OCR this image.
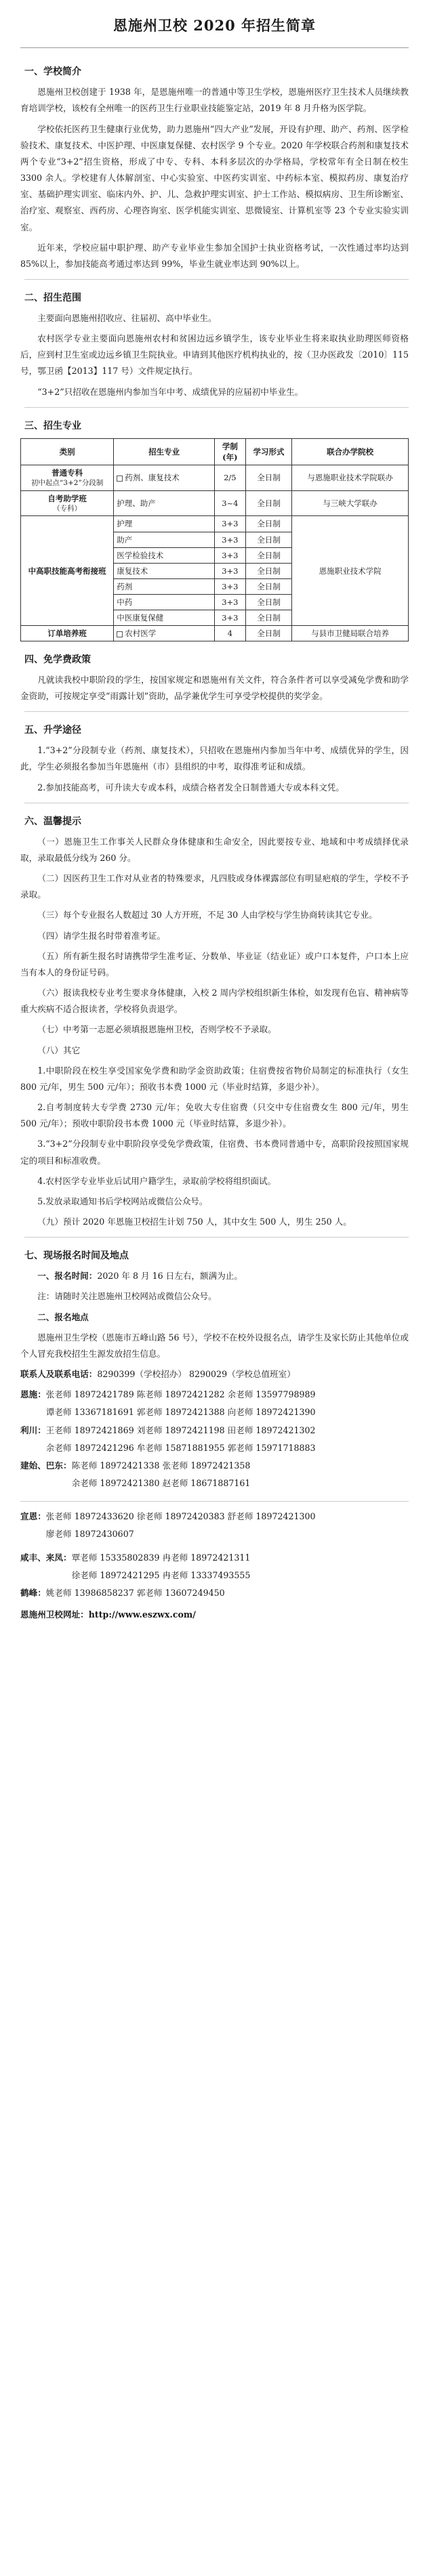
恩施州卫校 2020 年招生简章
一、学校简介

恩施州卫校创建于 1938 年，是恩施州唯一的普通中等卫生学校，恩施州医疗卫生技术人员继续教育培训学校，该校有全州唯一的医药卫生行业职业技能鉴定站，2019 年 8 月升格为医学院。

学校依托医药卫生健康行业优势，助力恩施州“四大产业”发展，开设有护理、助产、药剂、医学检验技术、康复技术、中医护理、中医康复保健、农村医学 9 个专业。2020 年学校联合药剂和康复技术两个专业“3+2”招生资格，形成了中专、专科、本科多层次的办学格局，学校常年有全日制在校生 3300 余人。学校建有人体解剖室、中心实验室、中医药实训室、中药标本室、模拟药房、康复治疗室、基础护理实训室、临床内外、护、儿、急救护理实训室、护士工作站、模拟病房、卫生所诊断室、治疗室、观察室、西药房、心理咨询室、医学机能实训室、思微镜室、计算机室等 23 个专业实验实训室。

近年来，学校应届中职护理、助产专业毕业生参加全国护士执业资格考试，一次性通过率均达到 85%以上，参加技能高考通过率达到 99%，毕业生就业率达到 90%以上。

二、招生范围

主要面向恩施州招收应、往届初、高中毕业生。

农村医学专业主要面向恩施州农村和贫困边远乡镇学生，该专业毕业生将来取执业助理医师资格后，应到村卫生室或边远乡镇卫生院执业。申请到其他医疗机构执业的，按（卫办医政发〔2010〕115 号，鄂卫函【2013】117 号）文件规定执行。

“3+2”只招收在恩施州内参加当年中考、成绩优异的应届初中毕业生。

三、招生专业
类别	招生专业	学制(年)	学习形式	联合办学院校

普通专科
初中起点“3+2”分段制	药剂、康复技术	2/5	全日制	与恩施职业技术学院联办

自考助学班
（专科）	护理、助产	3~4	全日制	与三峡大学联办
中高职技能高考衔接班	护理	3+3	全日制	恩施职业技术学院
	助产	3+3	全日制	
	医学检验技术	3+3	全日制	
	康复技术	3+3	全日制	
	药剂	3+3	全日制	
	中药	3+3	全日制	
	中医康复保健	3+3	全日制	
订单培养班	农村医学	4	全日制	与县市卫健局联合培养
四、免学费政策

凡就读我校中职阶段的学生，按国家规定和恩施州有关文件，符合条件者可以享受减免学费和助学金资助，可按规定享受“雨露计划”资助，品学兼优学生可享受学校提供的奖学金。

五、升学途径

1.“3+2”分段制专业（药剂、康复技术），只招收在恩施州内参加当年中考、成绩优异的学生，因此，学生必须报名参加当年恩施州（市）县组织的中考，取得准考证和成绩。

2.参加技能高考，可升读大专或本科，成绩合格者发全日制普通大专或本科文凭。

六、温馨提示

（一）恩施卫生工作事关人民群众身体健康和生命安全，因此要按专业、地域和中考成绩择优录取，录取最低分线为 260 分。

（二）因医药卫生工作对从业者的特殊要求，凡四肢或身体裸露部位有明显疤痕的学生，学校不予录取。

（三）每个专业报名人数超过 30 人方开班，不足 30 人由学校与学生协商转读其它专业。

（四）请学生报名时带着准考证。

（五）所有新生报名时请携带学生准考证、分数单、毕业证（结业证）或户口本复件，户口本上应当有本人的身份证号码。

（六）报读我校专业考生要求身体健康，入校 2 周内学校组织新生体检，如发现有色盲、精神病等重大疾病不适合报读者，学校将负责退学。

（七）中考第一志愿必须填报恩施州卫校，否则学校不予录取。

（八）其它

1.中职阶段在校生享受国家免学费和助学金资助政策；住宿费按省物价局制定的标准执行（女生 800 元/年，男生 500 元/年）；预收书本费 1000 元（毕业时结算，多退少补）。

2.自考制度转大专学费 2730 元/年；免收大专住宿费（只交中专住宿费女生 800 元/年，男生 500 元/年）；预收中职阶段书本费 1000 元（毕业时结算，多退少补）。

3.“3+2”分段制专业中职阶段享受免学费政策，住宿费、书本费同普通中专，高职阶段按照国家规定的项目和标准收费。

4.农村医学专业毕业后试用户籍学生，录取前学校将组织面试。

5.发放录取通知书后学校网站或微信公众号。

（九）预计 2020 年恩施卫校招生计划 750 人，其中女生 500 人，男生 250 人。

七、现场报名时间及地点

一、报名时间：2020 年 8 月 16 日左右，额满为止。

注：请随时关注恩施州卫校网站或微信公众号。

二、报名地点

恩施州卫生学校（恩施市五峰山路 56 号），学校不在校外设报名点，请学生及家长防止其他单位或个人冒充我校招生生源发放招生信息。

联系人及联系电话：8290399（学校招办） 8290029（学校总值班室）

恩施：张老师 18972421789 陈老师 18972421282 余老师 13597798989

谭老师 13367181691 郭老师 18972421388 向老师 18972421390

利川：王老师 18972421869 刘老师 18972421198 田老师 18972421302

余老师 18972421296 牟老师 15871881955 郭老师 15971718883

建始、巴东：陈老师 18972421338 张老师 18972421358

余老师 18972421380 赵老师 18671887161

宣恩：张老师 18972433620 徐老师 18972420383 舒老师 18972421300

廖老师 18972430607

咸丰、来凤：覃老师 15335802839 冉老师 18972421311

徐老师 18972421295 冉老师 13337493555

鹤峰：姚老师 13986858237 郭老师 13607249450

恩施州卫校网址：http://www.eszwx.com/
